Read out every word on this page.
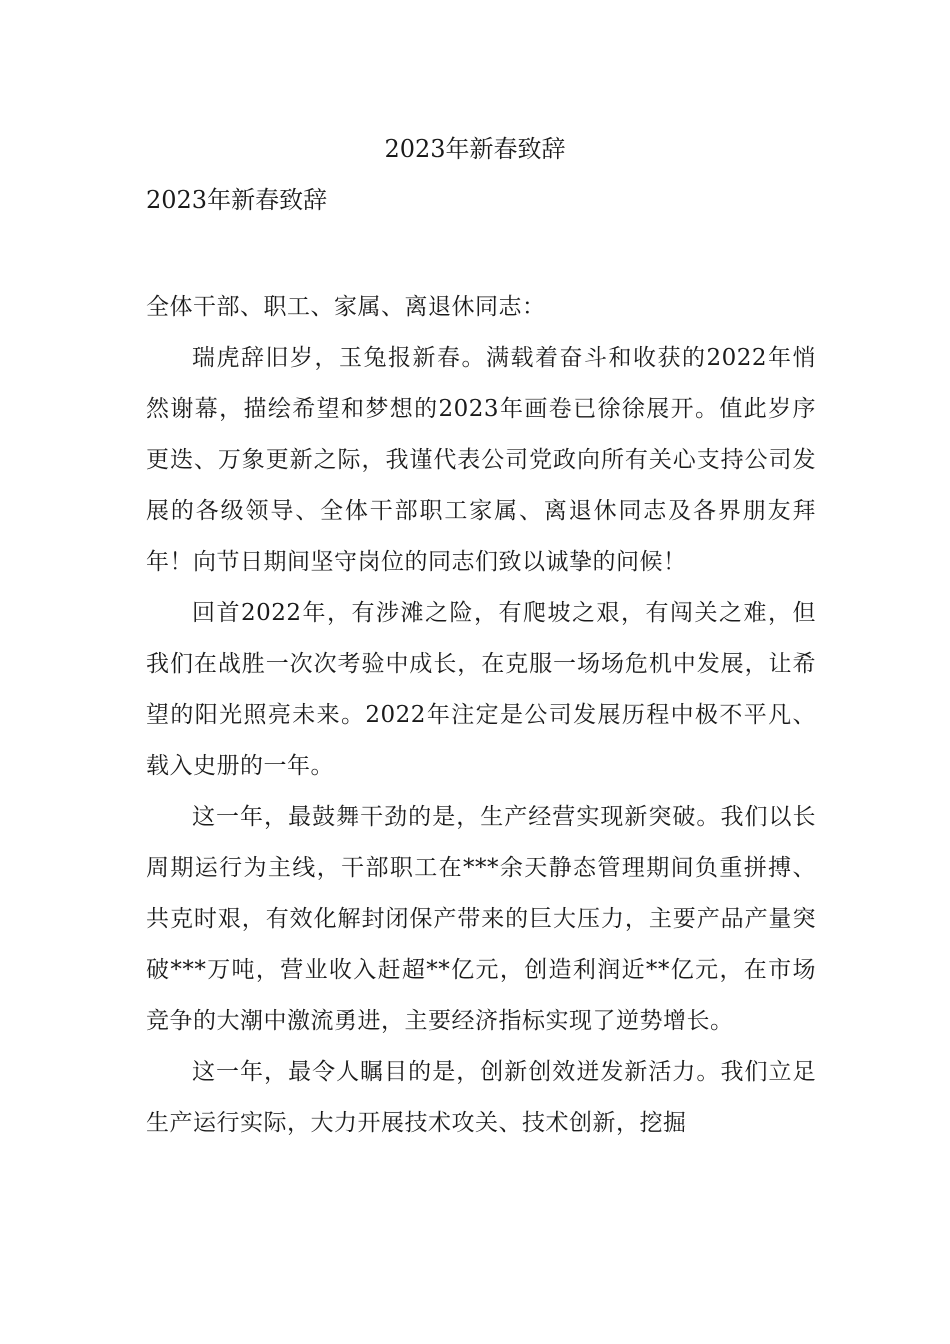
2023年新春致辞
2023年新春致辞

全体干部、职工、家属、离退休同志：

瑞虎辞旧岁，玉兔报新春。满载着奋斗和收获的2022年悄然谢幕，描绘希望和梦想的2023年画卷已徐徐展开。值此岁序更迭、万象更新之际，我谨代表公司党政向所有关心支持公司发展的各级领导、全体干部职工家属、离退休同志及各界朋友拜年！向节日期间坚守岗位的同志们致以诚挚的问候！

回首2022年，有涉滩之险，有爬坡之艰，有闯关之难，但我们在战胜一次次考验中成长，在克服一场场危机中发展，让希望的阳光照亮未来。2022年注定是公司发展历程中极不平凡、载入史册的一年。

这一年，最鼓舞干劲的是，生产经营实现新突破。我们以长周期运行为主线，干部职工在***余天静态管理期间负重拼搏、共克时艰，有效化解封闭保产带来的巨大压力，主要产品产量突破***万吨，营业收入赶超**亿元，创造利润近**亿元，在市场竞争的大潮中激流勇进，主要经济指标实现了逆势增长。

这一年，最令人瞩目的是，创新创效迸发新活力。我们立足生产运行实际，大力开展技术攻关、技术创新，挖掘
